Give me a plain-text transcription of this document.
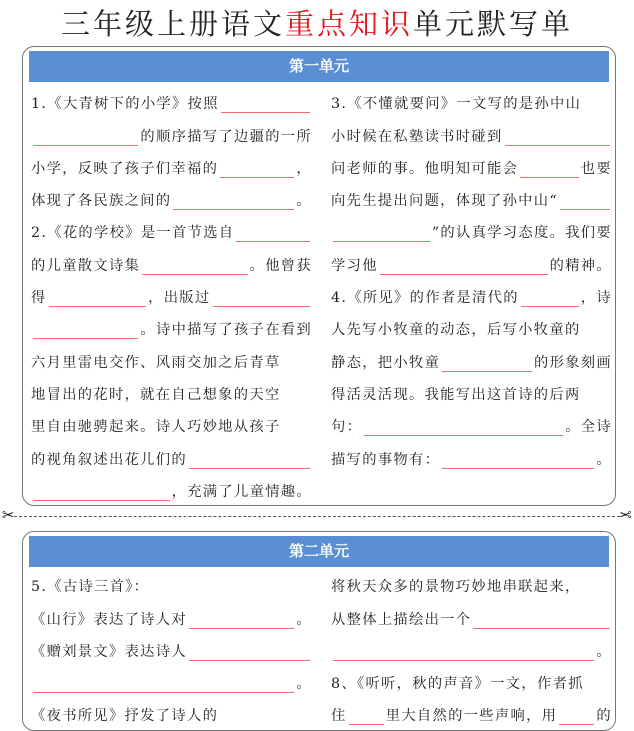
三年级上册语文重点知识单元默写单
第一单元
1.《大青树下的小学》按照
的顺序描写了边疆的一所
小学，反映了孩子们幸福的	，
体现了各民族之间的	。
2.《花的学校》是一首节选自
的儿童散文诗集	。他曾获
得	，出版过
。诗中描写了孩子在看到
六月里雷电交作、风雨交加之后青草
地冒出的花时，就在自己想象的天空
里自由驰骋起来。诗人巧妙地从孩子
的视角叙述出花儿们的
，充满了儿童情趣。
3.《不懂就要问》一文写的是孙中山
小时候在私塾读书时碰到
问老师的事。他明知可能会	也要
向先生提出问题，体现了孙中山“
”的认真学习态度。我们要
学习他	的精神。
4.《所见》的作者是清代的	，诗
人先写小牧童的动态，后写小牧童的
静态，把小牧童	的形象刻画
得活灵活现。我能写出这首诗的后两
句：	。全诗
描写的事物有：	。
✂	✂
第二单元
5.《古诗三首》：
《山行》表达了诗人对	。
《赠刘景文》表达诗人
。
《夜书所见》抒发了诗人的
将秋天众多的景物巧妙地串联起来，
从整体上描绘出一个
。
8、《听听，秋的声音》一文，作者抓
住	里大自然的一些声响，用	的
